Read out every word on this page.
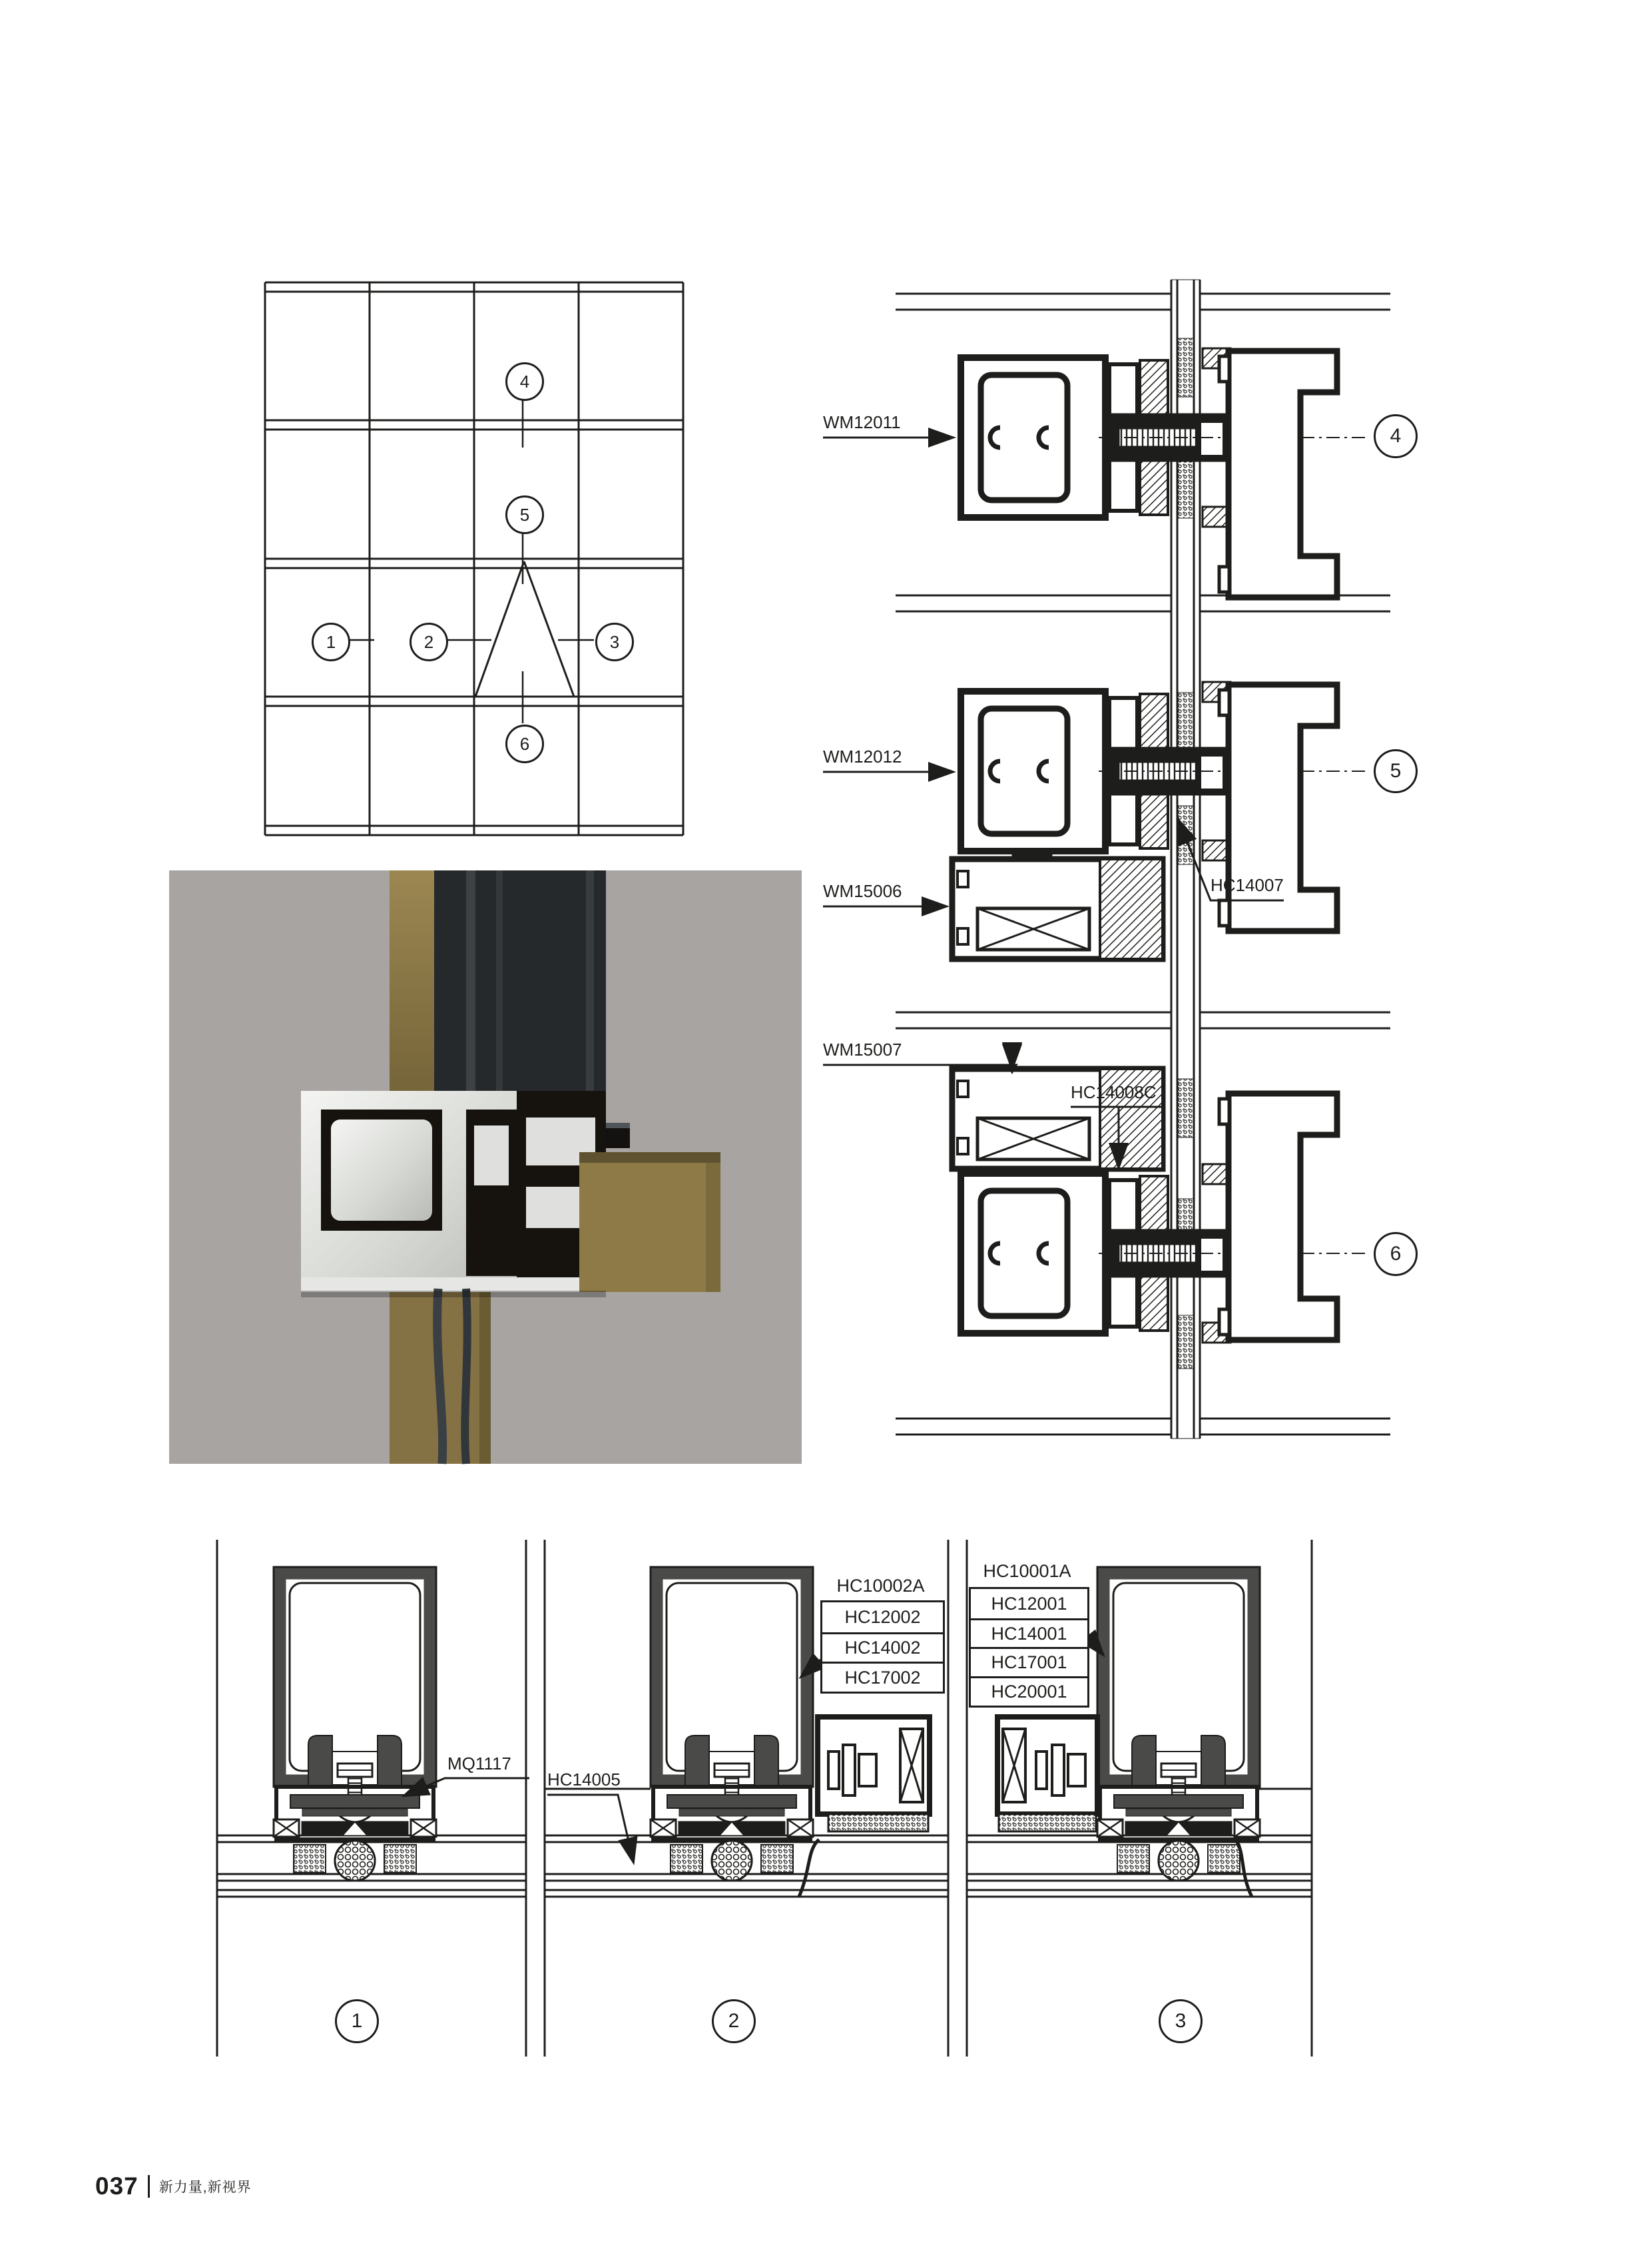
4
5
1	2	3
6
4
5
6
1	2	3
WM12011
WM12012
WM15006	HC14007
WM15007
HC14008C
MQ1117
HC14005
HC10002A
HC12002
HC14002
HC17002
HC10001A
HC12001
HC14001
HC17001
HC20001
037 新力量,新视界
